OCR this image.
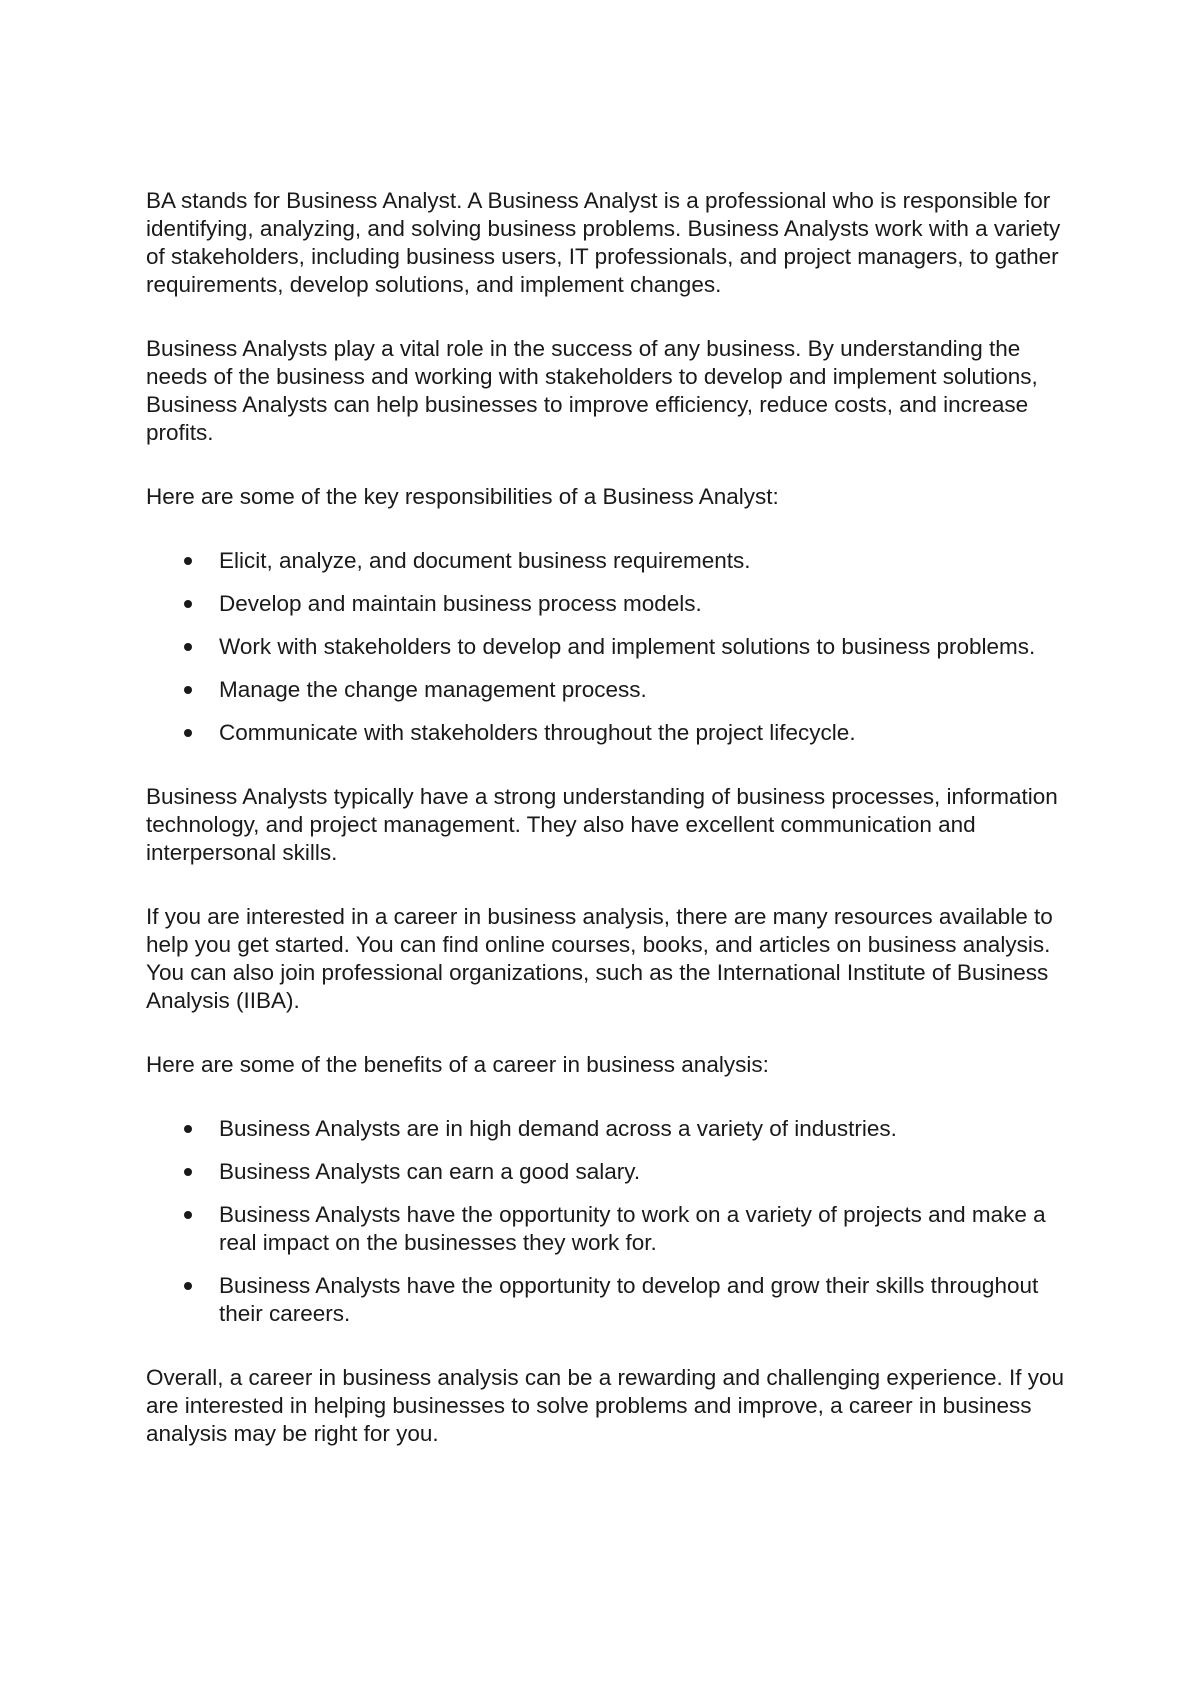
BA stands for Business Analyst. A Business Analyst is a professional who is responsible for identifying, analyzing, and solving business problems. Business Analysts work with a variety of stakeholders, including business users, IT professionals, and project managers, to gather requirements, develop solutions, and implement changes.

Business Analysts play a vital role in the success of any business. By understanding the needs of the business and working with stakeholders to develop and implement solutions, Business Analysts can help businesses to improve efficiency, reduce costs, and increase profits.

Here are some of the key responsibilities of a Business Analyst:

Elicit, analyze, and document business requirements.
Develop and maintain business process models.
Work with stakeholders to develop and implement solutions to business problems.
Manage the change management process.
Communicate with stakeholders throughout the project lifecycle.

Business Analysts typically have a strong understanding of business processes, information technology, and project management. They also have excellent communication and interpersonal skills.

If you are interested in a career in business analysis, there are many resources available to help you get started. You can find online courses, books, and articles on business analysis. You can also join professional organizations, such as the International Institute of Business Analysis (IIBA).

Here are some of the benefits of a career in business analysis:

Business Analysts are in high demand across a variety of industries.
Business Analysts can earn a good salary.
Business Analysts have the opportunity to work on a variety of projects and make a real impact on the businesses they work for.
Business Analysts have the opportunity to develop and grow their skills throughout their careers.

Overall, a career in business analysis can be a rewarding and challenging experience. If you are interested in helping businesses to solve problems and improve, a career in business analysis may be right for you.
